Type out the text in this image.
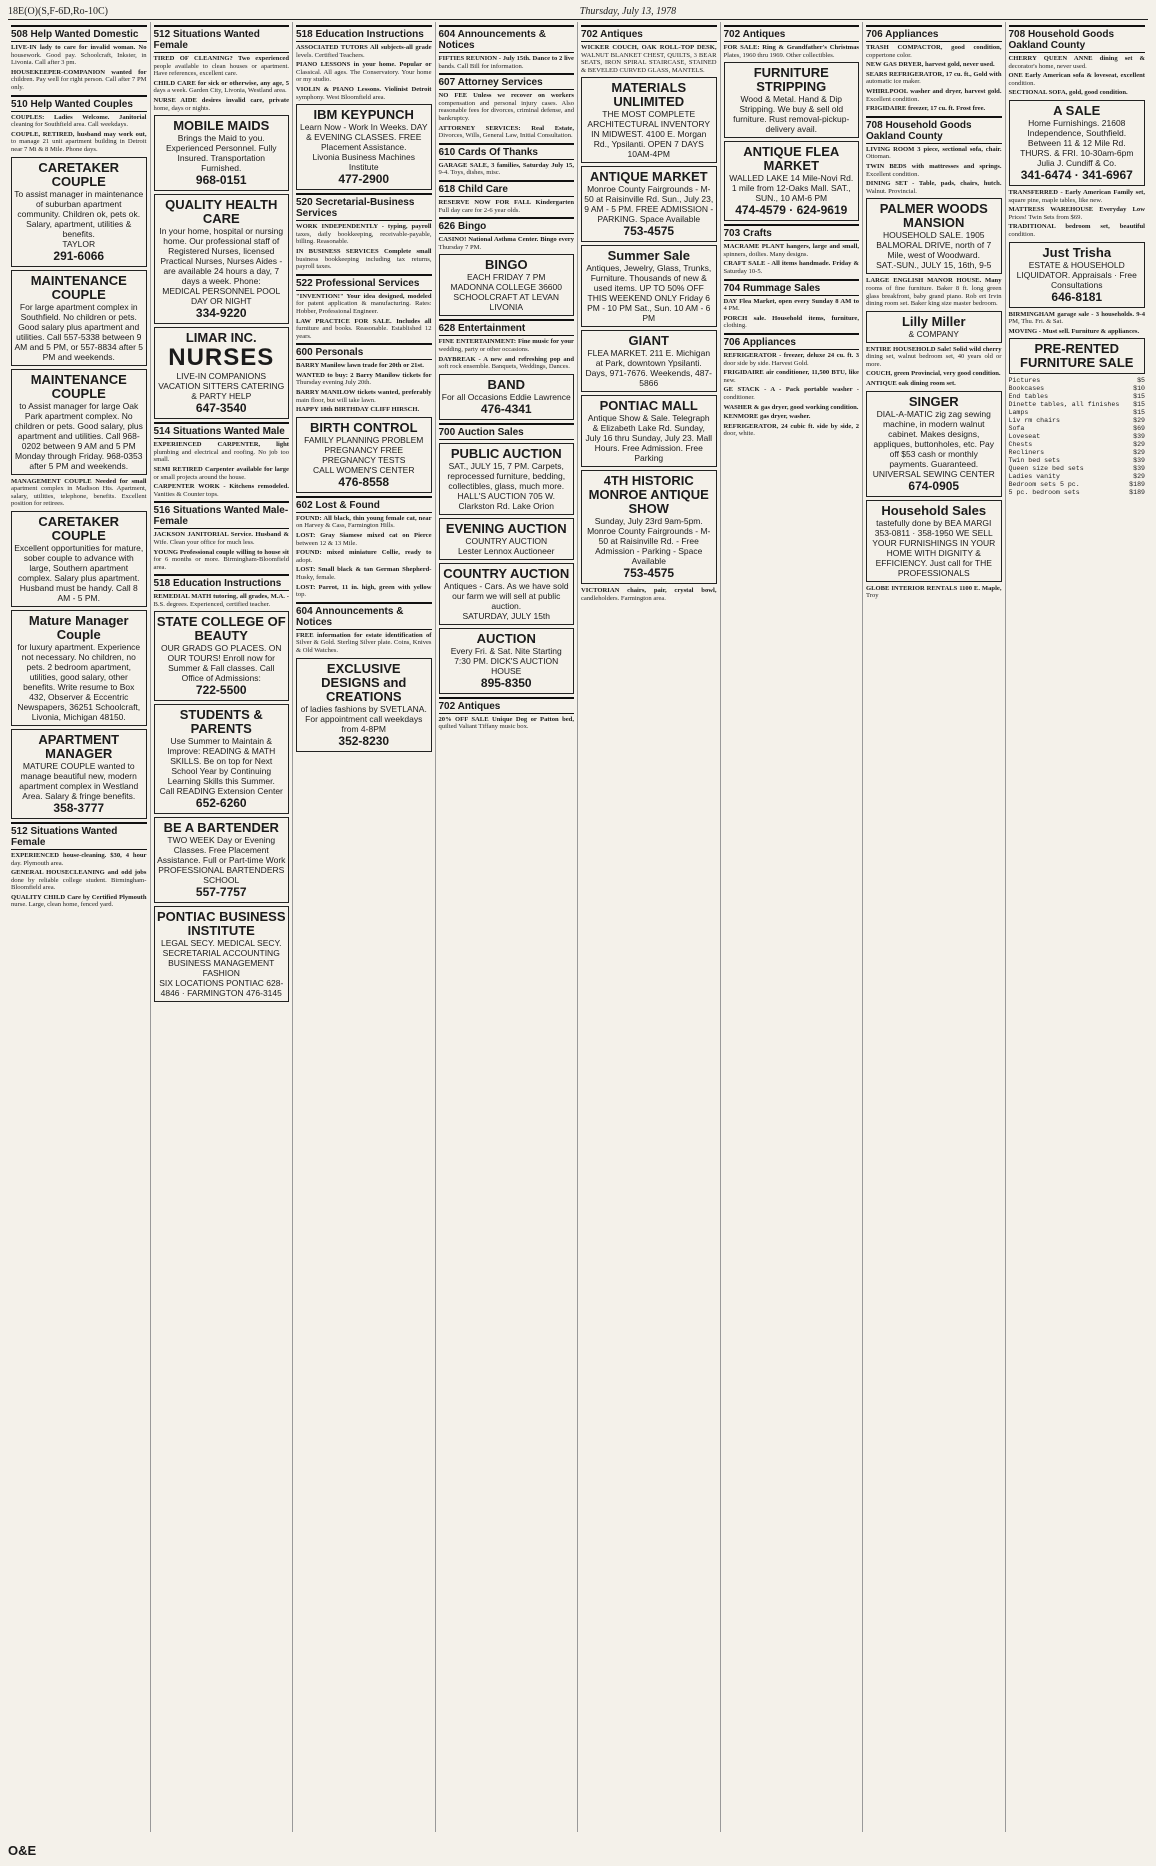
18E(O)(S,F-6D,Ro-10C)	Thursday, July 13, 1978
508 Help Wanted Domestic
LIVE-IN lady to care for invalid woman. No housework. Good pay. Schoolcraft, Inkster, in Livonia. Call after 3 pm.
HOUSEKEEPER-COMPANION wanted for children. Pay well for right person. Call after 7 PM only.
510 Help Wanted Couples
COUPLES: Ladies Welcome. Janitorial cleaning for Southfield area. Call weekdays.
COUPLE, RETIRED, husband may work out, to manage 21 unit apartment building in Detroit near 7 Mi & 8 Mile. Phone days.
CARETAKER COUPLE
To assist manager in maintenance of suburban apartment community. Children ok, pets ok. Salary, apartment, utilities & benefits.
TAYLOR
291-6066
MAINTENANCE COUPLE
For large apartment complex in Southfield. No children or pets. Good salary plus apartment and utilities. Call 557-5338 between 9 AM and 5 PM, or 557-8834 after 5 PM and weekends.
MAINTENANCE COUPLE
to Assist manager for large Oak Park apartment complex. No children or pets. Good salary, plus apartment and utilities. Call 968-0202 between 9 AM and 5 PM Monday through Friday. 968-0353 after 5 PM and weekends.
MANAGEMENT COUPLE Needed for small apartment complex in Madison Hts. Apartment, salary, utilities, telephone, benefits. Excellent position for retirees.
CARETAKER COUPLE
Excellent opportunities for mature, sober couple to advance with large, Southern apartment complex. Salary plus apartment. Husband must be handy. Call 8 AM - 5 PM.
Mature Manager Couple
for luxury apartment. Experience not necessary. No children, no pets. 2 bedroom apartment, utilities, good salary, other benefits. Write resume to Box 432, Observer & Eccentric Newspapers, 36251 Schoolcraft, Livonia, Michigan 48150.
APARTMENT MANAGER
MATURE COUPLE wanted to manage beautiful new, modern apartment complex in Westland Area. Salary & fringe benefits.
358-3777
512 Situations Wanted Female
EXPERIENCED house-cleaning. $30, 4 hour day. Plymouth area.
GENERAL HOUSECLEANING and odd jobs done by reliable college student. Birmingham-Bloomfield area.
QUALITY CHILD Care by Certified Plymouth nurse. Large, clean home, fenced yard.
512 Situations Wanted Female
TIRED OF CLEANING? Two experienced people available to clean houses or apartment. Have references, excellent care.
CHILD CARE for sick or otherwise, any age, 5 days a week. Garden City, Livonia, Westland area.
NURSE AIDE desires invalid care, private home, days or nights.
MOBILE MAIDS
Brings the Maid to you. Experienced Personnel. Fully Insured. Transportation Furnished.
968-0151
QUALITY HEALTH CARE
In your home, hospital or nursing home. Our professional staff of Registered Nurses, licensed Practical Nurses, Nurses Aides - are available 24 hours a day, 7 days a week. Phone:
MEDICAL PERSONNEL POOL DAY OR NIGHT
334-9220
LIMAR INC.
NURSES
LIVE-IN COMPANIONS VACATION SITTERS CATERING & PARTY HELP
647-3540
514 Situations Wanted Male
EXPERIENCED CARPENTER, light plumbing and electrical and roofing. No job too small.
SEMI RETIRED Carpenter available for large or small projects around the house.
CARPENTER WORK - Kitchens remodeled. Vanities & Counter tops.
516 Situations Wanted Male-Female
JACKSON JANITORIAL Service. Husband & Wife. Clean your office for much less.
YOUNG Professional couple willing to house sit for 6 months or more. Birmingham-Bloomfield area.
518 Education Instructions
REMEDIAL MATH tutoring, all grades, M.A. - B.S. degrees. Experienced, certified teacher.
STATE COLLEGE OF BEAUTY
OUR GRADS GO PLACES. ON OUR TOURS! Enroll now for Summer & Fall classes. Call Office of Admissions:
722-5500
STUDENTS & PARENTS
Use Summer to Maintain & Improve: READING & MATH SKILLS. Be on top for Next School Year by Continuing Learning Skills this Summer.
Call READING Extension Center
652-6260
BE A BARTENDER
TWO WEEK Day or Evening Classes. Free Placement Assistance. Full or Part-time Work
PROFESSIONAL BARTENDERS SCHOOL
557-7757
PONTIAC BUSINESS INSTITUTE
LEGAL SECY. MEDICAL SECY. SECRETARIAL ACCOUNTING BUSINESS MANAGEMENT FASHION
SIX LOCATIONS PONTIAC 628-4846 · FARMINGTON 476-3145
518 Education Instructions
ASSOCIATED TUTORS All subjects-all grade levels. Certified Teachers.
PIANO LESSONS in your home. Popular or Classical. All ages. The Conservatory. Your home or my studio.
VIOLIN & PIANO Lessons. Violinist Detroit symphony. West Bloomfield area.
IBM KEYPUNCH
Learn Now - Work In Weeks. DAY & EVENING CLASSES. FREE Placement Assistance.
Livonia Business Machines Institute
477-2900
520 Secretarial-Business Services
WORK INDEPENDENTLY - typing, payroll taxes, daily bookkeeping, receivable-payable, billing. Reasonable.
IN BUSINESS SERVICES Complete small business bookkeeping including tax returns, payroll taxes.
522 Professional Services
"INVENTION!" Your idea designed, modeled for patent application & manufacturing. Rates: Hobber, Professional Engineer.
LAW PRACTICE FOR SALE. Includes all furniture and books. Reasonable. Established 12 years.
600 Personals
BARRY Manilow lawn trade for 20th or 21st.
WANTED to buy: 2 Barry Manilow tickets for Thursday evening July 20th.
BARRY MANILOW tickets wanted, preferably main floor, but will take lawn.
HAPPY 18th BIRTHDAY CLIFF HIRSCH.
BIRTH CONTROL
FAMILY PLANNING PROBLEM PREGNANCY FREE PREGNANCY TESTS
CALL WOMEN'S CENTER
476-8558
602 Lost & Found
FOUND: All black, thin young female cat, near on Harvey & Cass, Farmington Hills.
LOST: Gray Siamese mixed cat on Pierce between 12 & 13 Mile.
FOUND: mixed miniature Collie, ready to adopt.
LOST: Small black & tan German Shepherd-Husky, female.
LOST: Parrot, 11 in. high, green with yellow top.
604 Announcements & Notices
FREE information for estate identification of Silver & Gold. Sterling Silver plate. Coins, Knives & Old Watches.
EXCLUSIVE DESIGNS and CREATIONS
of ladies fashions by SVETLANA. For appointment call weekdays from 4-8PM
352-8230
604 Announcements & Notices
FIFTIES REUNION - July 15th. Dance to 2 live bands. Call Bill for information.
607 Attorney Services
NO FEE Unless we recover on workers compensation and personal injury cases. Also reasonable fees for divorces, criminal defense, and bankruptcy.
ATTORNEY SERVICES: Real Estate, Divorces, Wills, General Law, Initial Consultation.
610 Cards Of Thanks
GARAGE SALE, 3 families, Saturday July 15, 9-4. Toys, dishes, misc.
618 Child Care
RESERVE NOW FOR FALL Kindergarten Full day care for 2-6 year olds.
626 Bingo
CASINO! National Asthma Center. Bingo every Thursday 7 PM.
BINGO
EACH FRIDAY 7 PM
MADONNA COLLEGE 36600 SCHOOLCRAFT AT LEVAN LIVONIA
628 Entertainment
FINE ENTERTAINMENT: Fine music for your wedding, party or other occasions.
DAYBREAK - A new and refreshing pop and soft rock ensemble. Banquets, Weddings, Dances.
BAND
For all Occasions Eddie Lawrence
476-4341
700 Auction Sales
PUBLIC AUCTION
SAT., JULY 15, 7 PM. Carpets, reprocessed furniture, bedding, collectibles, glass, much more.
HALL'S AUCTION 705 W. Clarkston Rd. Lake Orion
EVENING AUCTION
COUNTRY AUCTION
Lester Lennox Auctioneer
COUNTRY AUCTION
Antiques - Cars. As we have sold our farm we will sell at public auction.
SATURDAY, JULY 15th
AUCTION
Every Fri. & Sat. Nite Starting 7:30 PM. DICK'S AUCTION HOUSE
895-8350
702 Antiques
20% OFF SALE Unique Dog or Patton bed, quilted Valiant Tiffany music box.
702 Antiques
WICKER COUCH, OAK ROLL-TOP DESK, WALNUT BLANKET CHEST, QUILTS, 3 BEAR SEATS, IRON SPIRAL STAIRCASE, STAINED & BEVELED CURVED GLASS, MANTELS.
MATERIALS UNLIMITED
THE MOST COMPLETE ARCHITECTURAL INVENTORY IN MIDWEST. 4100 E. Morgan Rd., Ypsilanti. OPEN 7 DAYS 10AM-4PM
ANTIQUE MARKET
Monroe County Fairgrounds - M-50 at Raisinville Rd. Sun., July 23, 9 AM - 5 PM. FREE ADMISSION - PARKING. Space Available
753-4575
Summer Sale
Antiques, Jewelry, Glass, Trunks, Furniture. Thousands of new & used items. UP TO 50% OFF THIS WEEKEND ONLY Friday 6 PM - 10 PM Sat., Sun. 10 AM - 6 PM
GIANT
FLEA MARKET. 211 E. Michigan at Park, downtown Ypsilanti. Days, 971-7676. Weekends, 487-5866
PONTIAC MALL
Antique Show & Sale. Telegraph & Elizabeth Lake Rd. Sunday, July 16 thru Sunday, July 23. Mall Hours. Free Admission. Free Parking
4TH HISTORIC MONROE ANTIQUE SHOW
Sunday, July 23rd 9am-5pm. Monroe County Fairgrounds - M-50 at Raisinville Rd. - Free Admission - Parking - Space Available
753-4575
VICTORIAN chairs, pair, crystal bowl, candleholders. Farmington area.
702 Antiques
FOR SALE: Ring & Grandfather's Christmas Plates, 1960 thru 1969. Other collectibles.
FURNITURE STRIPPING
Wood & Metal. Hand & Dip Stripping. We buy & sell old furniture. Rust removal-pickup-delivery avail.
ANTIQUE FLEA MARKET
WALLED LAKE 14 Mile-Novi Rd. 1 mile from 12-Oaks Mall. SAT., SUN., 10 AM-6 PM
474-4579 · 624-9619
703 Crafts
MACRAME PLANT hangers, large and small, spinners, doilies. Many designs.
CRAFT SALE - All items handmade. Friday & Saturday 10-5.
704 Rummage Sales
DAY Flea Market, open every Sunday 8 AM to 4 PM.
PORCH sale. Household items, furniture, clothing.
706 Appliances
REFRIGERATOR - freezer, deluxe 24 cu. ft. 3 door side by side. Harvest Gold.
FRIGIDAIRE air conditioner, 11,500 BTU, like new.
GE STACK - A - Pack portable washer - conditioner.
WASHER & gas dryer, good working condition.
KENMORE gas dryer, washer.
REFRIGERATOR, 24 cubic ft. side by side, 2 door, white.
706 Appliances
TRASH COMPACTOR, good condition, coppertone color.
NEW GAS DRYER, harvest gold, never used.
SEARS REFRIGERATOR, 17 cu. ft., Gold with automatic ice maker.
WHIRLPOOL washer and dryer, harvest gold. Excellent condition.
FRIGIDAIRE freezer, 17 cu. ft. Frost free.
708 Household Goods Oakland County
LIVING ROOM 3 piece, sectional sofa, chair. Ottoman.
TWIN BEDS with mattresses and springs. Excellent condition.
DINING SET - Table, pads, chairs, hutch. Walnut. Provincial.
PALMER WOODS MANSION
HOUSEHOLD SALE. 1905 BALMORAL DRIVE, north of 7 Mile, west of Woodward.
SAT.-SUN., JULY 15, 16th, 9-5
LARGE ENGLISH MANOR HOUSE. Many rooms of fine furniture. Baker 8 ft. long green glass breakfront, baby grand piano. Rob ert Irvin dining room set. Baker king size master bedroom.
Lilly Miller
& COMPANY
ENTIRE HOUSEHOLD Sale! Solid wild cherry dining set, walnut bedroom set, 40 years old or more.
COUCH, green Provincial, very good condition.
ANTIQUE oak dining room set.
SINGER
DIAL-A-MATIC zig zag sewing machine, in modern walnut cabinet. Makes designs, appliques, buttonholes, etc. Pay off $53 cash or monthly payments. Guaranteed.
UNIVERSAL SEWING CENTER
674-0905
Household Sales
tastefully done by BEA MARGI 353-0811 · 358-1950 WE SELL YOUR FURNISHINGS IN YOUR HOME WITH DIGNITY & EFFICIENCY. Just call for THE PROFESSIONALS
GLOBE INTERIOR RENTALS 1100 E. Maple, Troy
708 Household Goods Oakland County
CHERRY QUEEN ANNE dining set & decorator's home, never used.
ONE Early American sofa & loveseat, excellent condition.
SECTIONAL SOFA, gold, good condition.
A SALE
Home Furnishings. 21608 Independence, Southfield. Between 11 & 12 Mile Rd. THURS. & FRI. 10-30am-6pm
Julia J. Cundiff & Co.
341-6474 · 341-6967
TRANSFERRED - Early American Family set, square pine, maple tables, like new.
MATTRESS WAREHOUSE Everyday Low Prices! Twin Sets from $69.
TRADITIONAL bedroom set, beautiful condition.
Just Trisha
ESTATE & HOUSEHOLD LIQUIDATOR. Appraisals · Free Consultations
646-8181
BIRMINGHAM garage sale - 3 households. 9-4 PM, Thu. Fri. & Sat.
MOVING - Must sell. Furniture & appliances.
PRE-RENTED FURNITURE SALE
Pictures	$5
Bookcases	$10
End tables	$15
Dinette tables, all finishes $15
Lamps	$15
Liv rm chairs	$29
Sofa	$69
Loveseat	$39
Chests	$29
Recliners	$29
Twin bed sets	$39
Queen size bed sets	$39
Ladies vanity	$29
Bedroom sets 5 pc.	$189
5 pc. bedroom sets	$189
O&E
